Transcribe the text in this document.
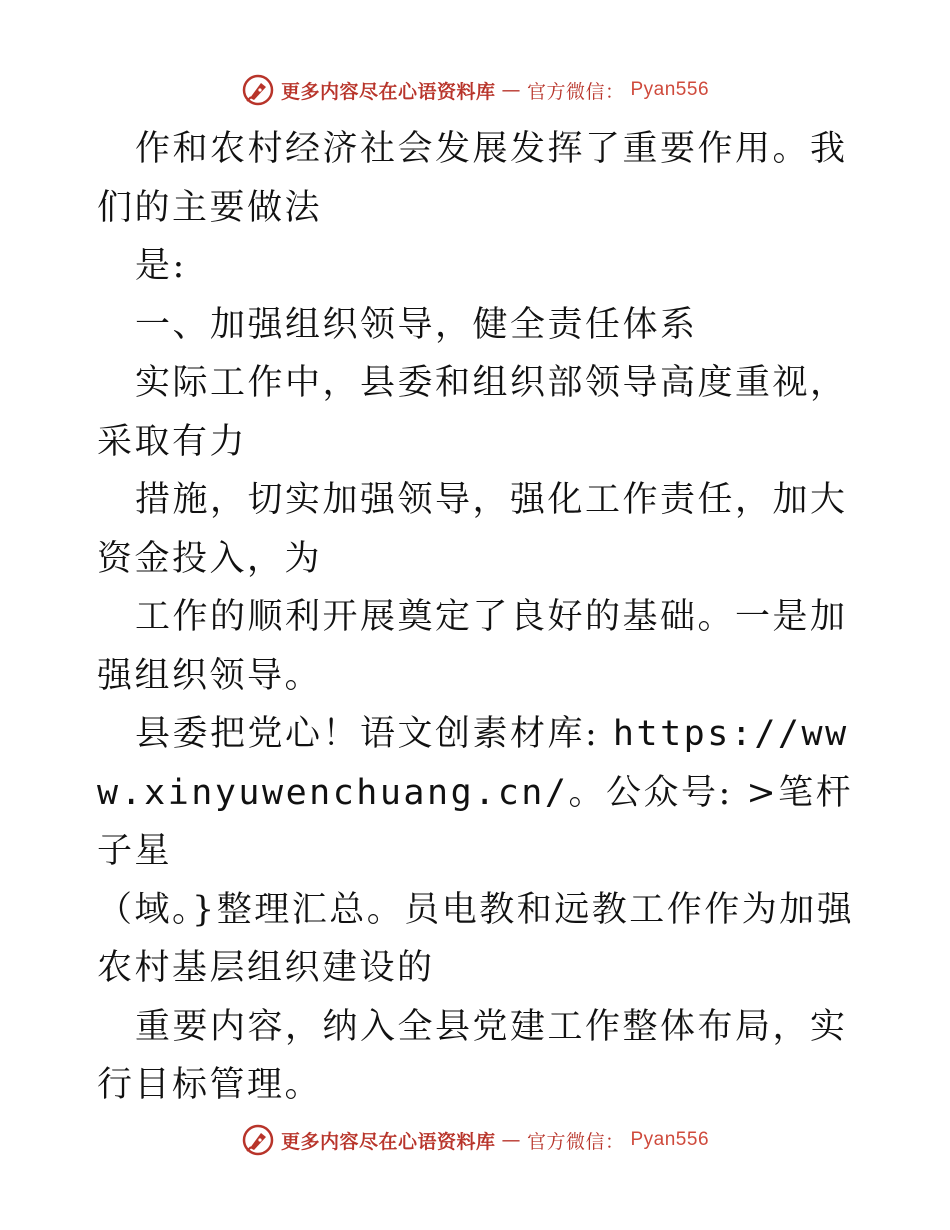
更多内容尽在心语资料库 — 官方微信： Pyan556

作和农村经济社会发展发挥了重要作用。我们的主要做法

是:

一、加强组织领导，健全责任体系

实际工作中，县委和组织部领导高度重视，采取有力

措施，切实加强领导，强化工作责任，加大资金投入，为

工作的顺利开展奠定了良好的基础。一是加强组织领导。

县委把党心！语文创素材库: https://www.xinyuwenchuang.cn/。公众号: >笔杆子星

（域。}整理汇总。员电教和远教工作作为加强农村基层组织建设的

重要内容，纳入全县党建工作整体布局，实行目标管理。

更多内容尽在心语资料库 — 官方微信： Pyan556
